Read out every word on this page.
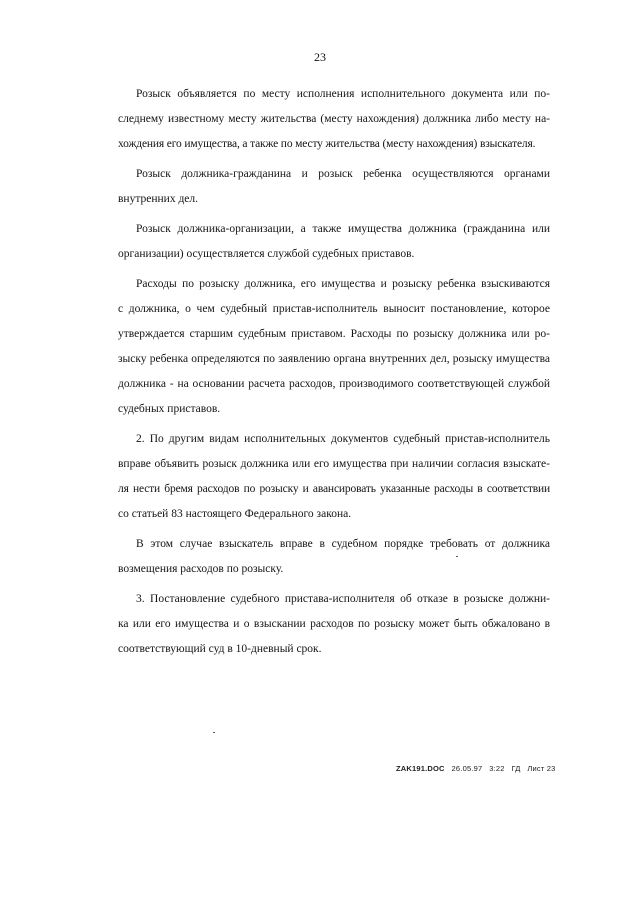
23

Розыск объявляется по месту исполнения исполнительного документа или по-
следнему известному месту жительства (месту нахождения) должника либо месту на-
хождения его имущества, а также по месту жительства (месту нахождения) взыскателя.

Розыск должника-гражданина и розыск ребенка осуществляются органами
внутренних дел.

Розыск должника-организации, а также имущества должника (гражданина или
организации) осуществляется службой судебных приставов.

Расходы по розыску должника, его имущества и розыску ребенка взыскиваются
с должника, о чем судебный пристав-исполнитель выносит постановление, которое
утверждается старшим судебным приставом. Расходы по розыску должника или ро-
зыску ребенка определяются по заявлению органа внутренних дел, розыску имущества
должника - на основании расчета расходов, производимого соответствующей службой
судебных приставов.

2. По другим видам исполнительных документов судебный пристав-исполнитель
вправе объявить розыск должника или его имущества при наличии согласия взыскате-
ля нести бремя расходов по розыску и авансировать указанные расходы в соответствии
со статьей 83 настоящего Федерального закона.

В этом случае взыскатель вправе в судебном порядке требовать от должника
возмещения расходов по розыску.

3. Постановление судебного пристава-исполнителя об отказе в розыске должни-
ка или его имущества и о взыскании расходов по розыску может быть обжаловано в
соответствующий суд в 10-дневный срок.

ZAK191.DOC 26.05.97 3:22 ГД Лист 23
